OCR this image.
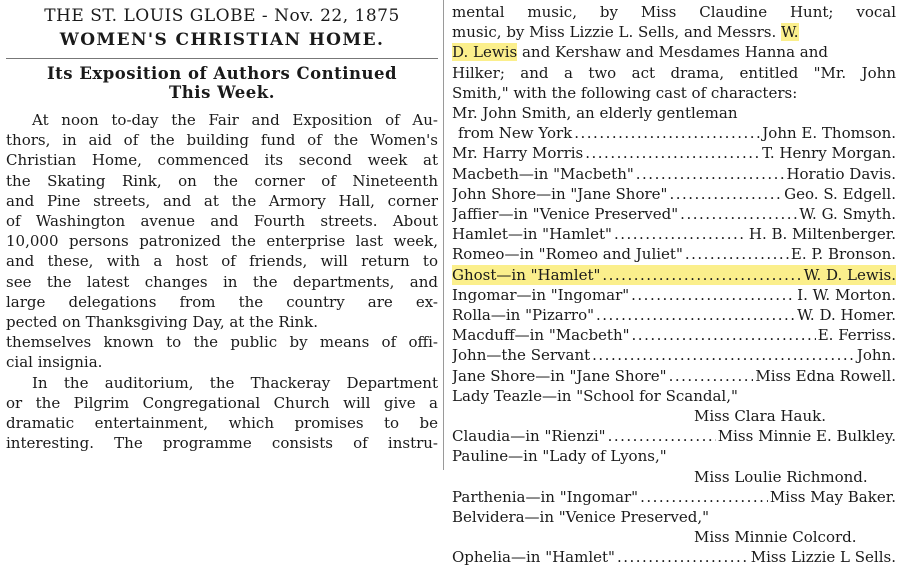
THE ST. LOUIS GLOBE - Nov. 22, 1875
WOMEN'S CHRISTIAN HOME.
Its Exposition of Authors Continued
This Week.
At noon to-day the Fair and Exposition of Au-
thors, in aid of the building fund of the Women's
Christian Home, commenced its second week at
the Skating Rink, on the corner of Nineteenth
and Pine streets, and at the Armory Hall, corner
of Washington avenue and Fourth streets. About
10,000 persons patronized the enterprise last week,
and these, with a host of friends, will return to
see the latest changes in the departments, and
large delegations from the country are ex-
pected on Thanksgiving Day, at the Rink.
themselves known to the public by means of offi-
cial insignia.
In the auditorium, the Thackeray Department
or the Pilgrim Congregational Church will give a
dramatic entertainment, which promises to be
interesting. The programme consists of instru-
mental music, by Miss Claudine Hunt; vocal
music, by Miss Lizzie L. Sells, and Messrs. W.
D. Lewis and Kershaw and Mesdames Hanna and
Hilker; and a two act drama, entitled "Mr. John
Smith," with the following cast of characters:
Mr. John Smith, an elderly gentleman
from New York .....	John E. Thomson.
Mr. Harry Morris .....	T. Henry Morgan.
Macbeth—in "Macbeth" .....	Horatio Davis.
John Shore—in "Jane Shore" .....	Geo. S. Edgell.
Jaffier—in "Venice Preserved" .....	W. G. Smyth.
Hamlet—in "Hamlet" .....	H. B. Miltenberger.
Romeo—in "Romeo and Juliet" .....	E. P. Bronson.
Ghost—in "Hamlet" .....	W. D. Lewis.
Ingomar—in "Ingomar" .....	I. W. Morton.
Rolla—in "Pizarro" .....	W. D. Homer.
Macduff—in "Macbeth" .....	E. Ferriss.
John—the Servant .....	John.
Jane Shore—in "Jane Shore" .....	Miss Edna Rowell.
Lady Teazle—in "School for Scandal,"
Miss Clara Hauk.
Claudia—in "Rienzi" .....	Miss Minnie E. Bulkley.
Pauline—in "Lady of Lyons,"
Miss Loulie Richmond.
Parthenia—in "Ingomar" .....	Miss May Baker.
Belvidera—in "Venice Preserved,"
Miss Minnie Colcord.
Ophelia—in "Hamlet" .....	Miss Lizzie L Sells.
